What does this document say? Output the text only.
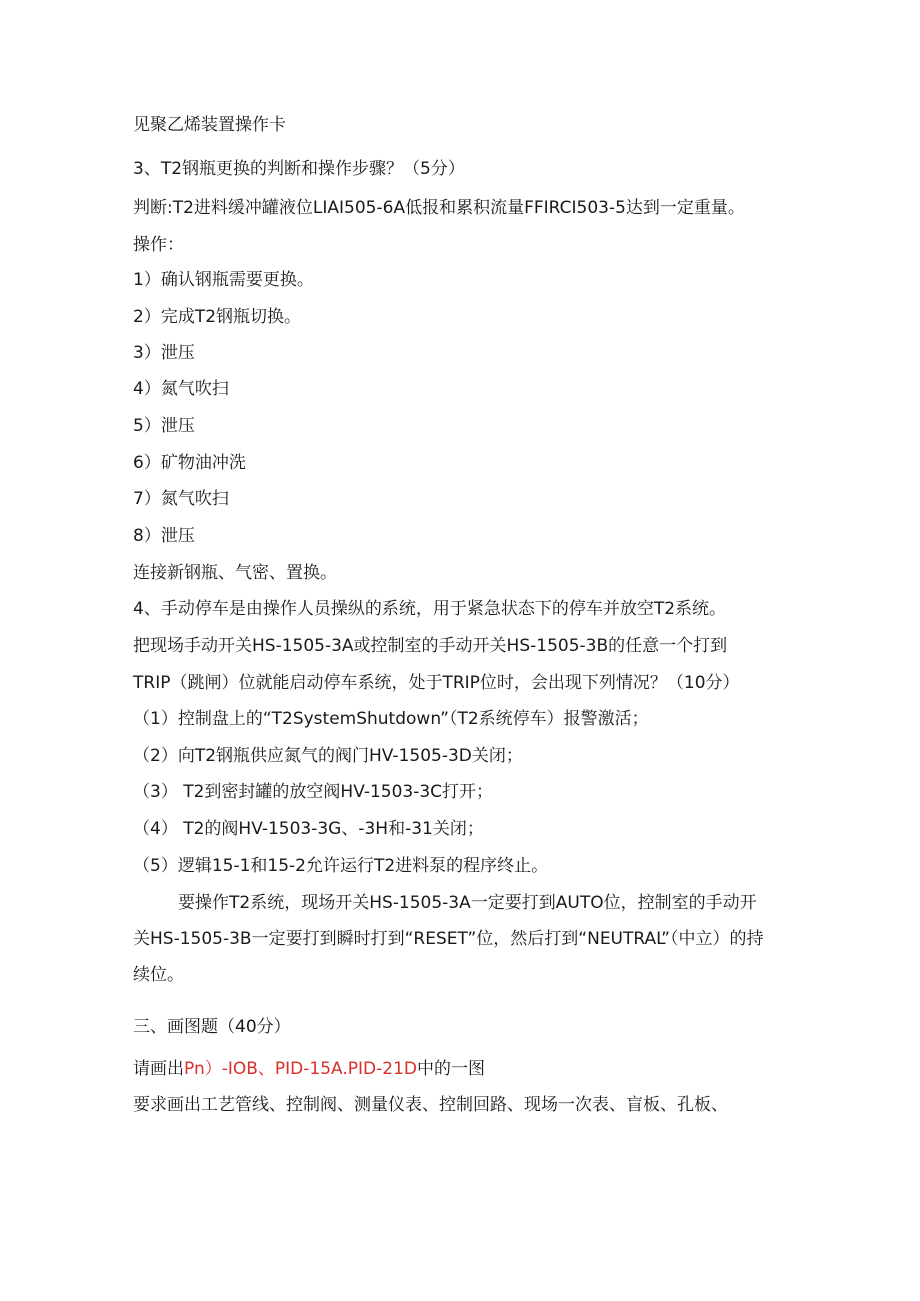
见聚乙烯装置操作卡
3、T2钢瓶更换的判断和操作步骤？（5分）
判断:T2进料缓冲罐液位LIAI505-6A低报和累积流量FFIRCI503-5达到一定重量。
操作：
1）确认钢瓶需要更换。
2）完成T2钢瓶切换。
3）泄压
4）氮气吹扫
5）泄压
6）矿物油冲洗
7）氮气吹扫
8）泄压
连接新钢瓶、气密、置换。
4、手动停车是由操作人员操纵的系统，用于紧急状态下的停车并放空T2系统。
把现场手动开关HS-1505-3A或控制室的手动开关HS-1505-3B的任意一个打到
TRIP（跳闸）位就能启动停车系统，处于TRIP位时，会出现下列情况？（10分）
（1）控制盘上的“T2SystemShutdown”（T2系统停车）报警激活；
（2）向T2钢瓶供应氮气的阀门HV-1505-3D关闭；
（3） T2到密封罐的放空阀HV-1503-3C打开；
（4） T2的阀HV-1503-3G、-3H和-31关闭；
（5）逻辑15-1和15-2允许运行T2进料泵的程序终止。
要操作T2系统，现场开关HS-1505-3A一定要打到AUTO位，控制室的手动开
关HS-1505-3B一定要打到瞬时打到“RESET”位，然后打到“NEUTRAL”（中立）的持
续位。
三、画图题（40分）
请画出Pn）-IOB、PID-15A.PID-21D中的一图
要求画出工艺管线、控制阀、测量仪表、控制回路、现场一次表、盲板、孔板、
